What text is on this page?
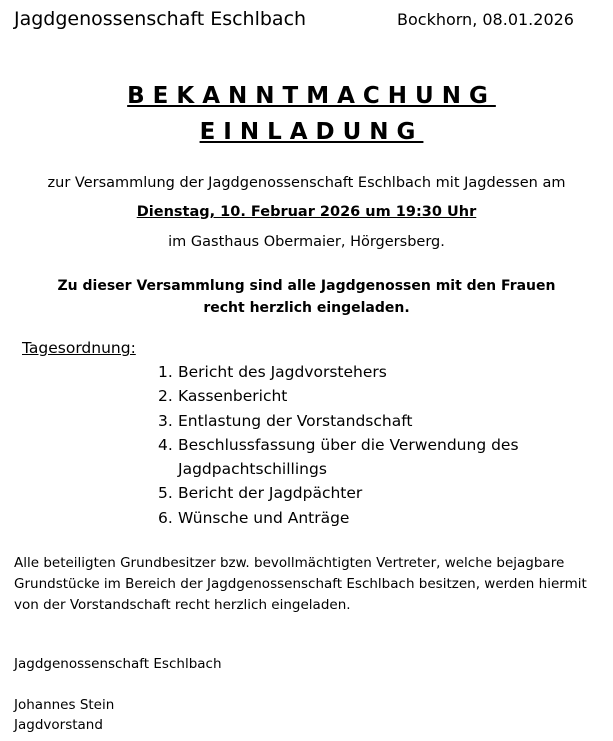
Jagdgenossenschaft Eschlbach	Bockhorn, 08.01.2026
BEKANNTMACHUNG
EINLADUNG
zur Versammlung der Jagdgenossenschaft Eschlbach mit Jagdessen am
Dienstag, 10. Februar 2026 um 19:30 Uhr
im Gasthaus Obermaier, Hörgersberg.
Zu dieser Versammlung sind alle Jagdgenossen mit den Frauen
recht herzlich eingeladen.
Tagesordnung:
1. Bericht des Jagdvorstehers
2. Kassenbericht
3. Entlastung der Vorstandschaft
4. Beschlussfassung über die Verwendung des Jagdpachtschillings
5. Bericht der Jagdpächter
6. Wünsche und Anträge
Alle beteiligten Grundbesitzer bzw. bevollmächtigten Vertreter, welche bejagbare Grundstücke im Bereich der Jagdgenossenschaft Eschlbach besitzen, werden hiermit von der Vorstandschaft recht herzlich eingeladen.
Jagdgenossenschaft Eschlbach
Johannes Stein
Jagdvorstand
